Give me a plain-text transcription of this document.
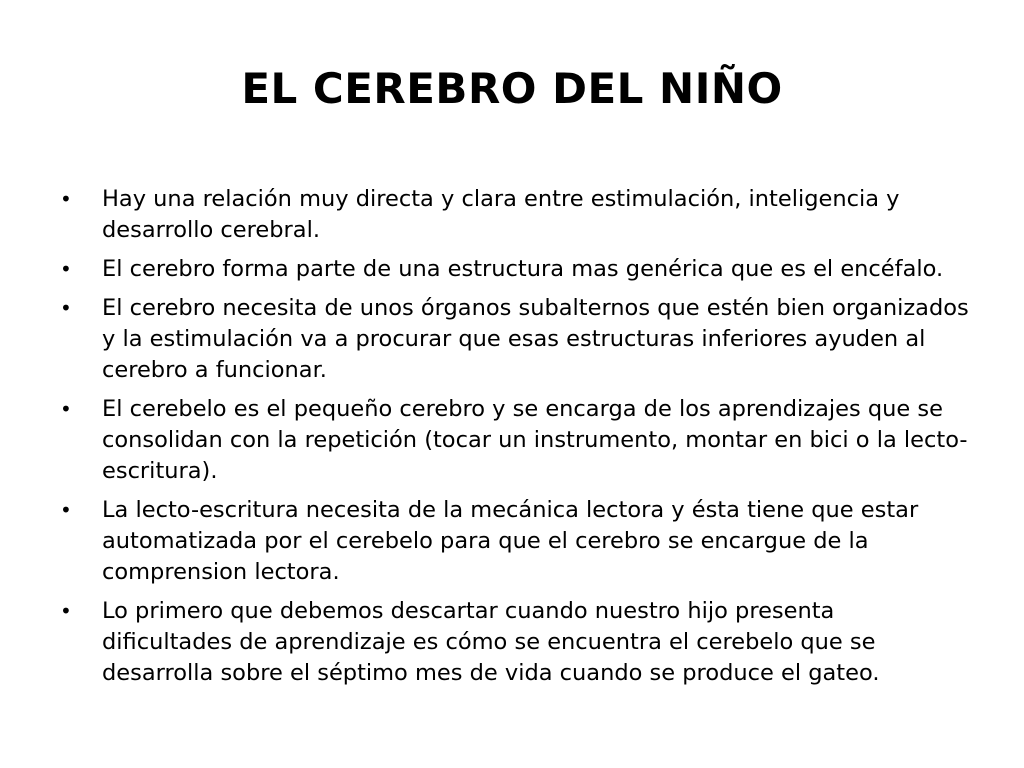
EL CEREBRO DEL NIÑO
•	Hay una relación muy directa y clara entre estimulación, inteligencia y desarrollo cerebral.
•	El cerebro forma parte de una estructura mas genérica que es el encéfalo.
•	El cerebro necesita de unos órganos subalternos que estén bien organizados y la estimulación va a procurar que esas estructuras inferiores ayuden al cerebro a funcionar.
•	El cerebelo es el pequeño cerebro y se encarga de los aprendizajes que se consolidan con la repetición (tocar un instrumento, montar en bici o la lecto-escritura).
•	La lecto-escritura necesita de la mecánica lectora y ésta tiene que estar automatizada por el cerebelo para que el cerebro se encargue de la comprension lectora.
•	Lo primero que debemos descartar cuando nuestro hijo presenta dificultades de aprendizaje es cómo se encuentra el cerebelo que se desarrolla sobre el séptimo mes de vida cuando se produce el gateo.
